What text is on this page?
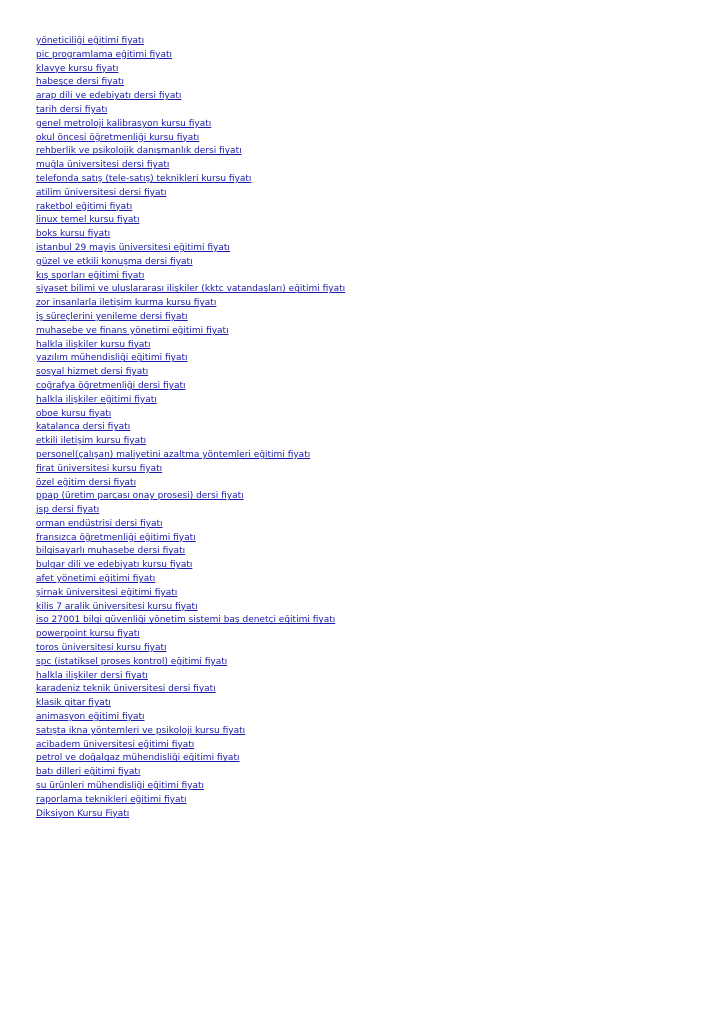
yöneticiliği eğitimi fiyatı
pic programlama eğitimi fiyatı
klavye kursu fiyatı
habeşçe dersi fiyatı
arap dili ve edebiyatı dersi fiyatı
tarih dersi fiyatı
genel metroloji kalibrasyon kursu fiyatı
okul öncesi öğretmenliği kursu fiyatı
rehberlik ve psikolojik danışmanlık dersi fiyatı
muğla üniversitesi dersi fiyatı
telefonda satış (tele-satış) teknikleri kursu fiyatı
atilim üniversitesi dersi fiyatı
raketbol eğitimi fiyatı
linux temel kursu fiyatı
boks kursu fiyatı
istanbul 29 mayis üniversitesi eğitimi fiyatı
güzel ve etkili konuşma dersi fiyatı
kış sporları eğitimi fiyatı
siyaset bilimi ve uluslararası ilişkiler (kktc vatandaşları) eğitimi fiyatı
zor insanlarla iletişim kurma kursu fiyatı
iş süreçlerini yenileme dersi fiyatı
muhasebe ve finans yönetimi eğitimi fiyatı
halkla ilişkiler kursu fiyatı
yazılım mühendisliği eğitimi fiyatı
sosyal hizmet dersi fiyatı
coğrafya öğretmenliği dersi fiyatı
halkla ilişkiler eğitimi fiyatı
oboe kursu fiyatı
katalanca dersi fiyatı
etkili iletişim kursu fiyatı
personel(çalışan) maliyetini azaltma yöntemleri eğitimi fiyatı
firat üniversitesi kursu fiyatı
özel eğitim dersi fiyatı
ppap (üretim parçası onay prosesi) dersi fiyatı
jsp dersi fiyatı
orman endüstrisi dersi fiyatı
fransızca öğretmenliği eğitimi fiyatı
bilgisayarlı muhasebe dersi fiyatı
bulgar dili ve edebiyatı kursu fiyatı
afet yönetimi eğitimi fiyatı
şirnak üniversitesi eğitimi fiyatı
kilis 7 aralik üniversitesi kursu fiyatı
iso 27001 bilgi güvenliği yönetim sistemi baş denetçi eğitimi fiyatı
powerpoint kursu fiyatı
toros üniversitesi kursu fiyatı
spc (istatiksel proses kontrol) eğitimi fiyatı
halkla ilişkiler dersi fiyatı
karadeniz teknik üniversitesi dersi fiyatı
klasik gitar fiyatı
animasyon eğitimi fiyatı
satışta ikna yöntemleri ve psikoloji kursu fiyatı
acibadem üniversitesi eğitimi fiyatı
petrol ve doğalgaz mühendisliği eğitimi fiyatı
batı dilleri eğitimi fiyatı
su ürünleri mühendisliği eğitimi fiyatı
raporlama teknikleri eğitimi fiyatı
Diksiyon Kursu Fiyatı
